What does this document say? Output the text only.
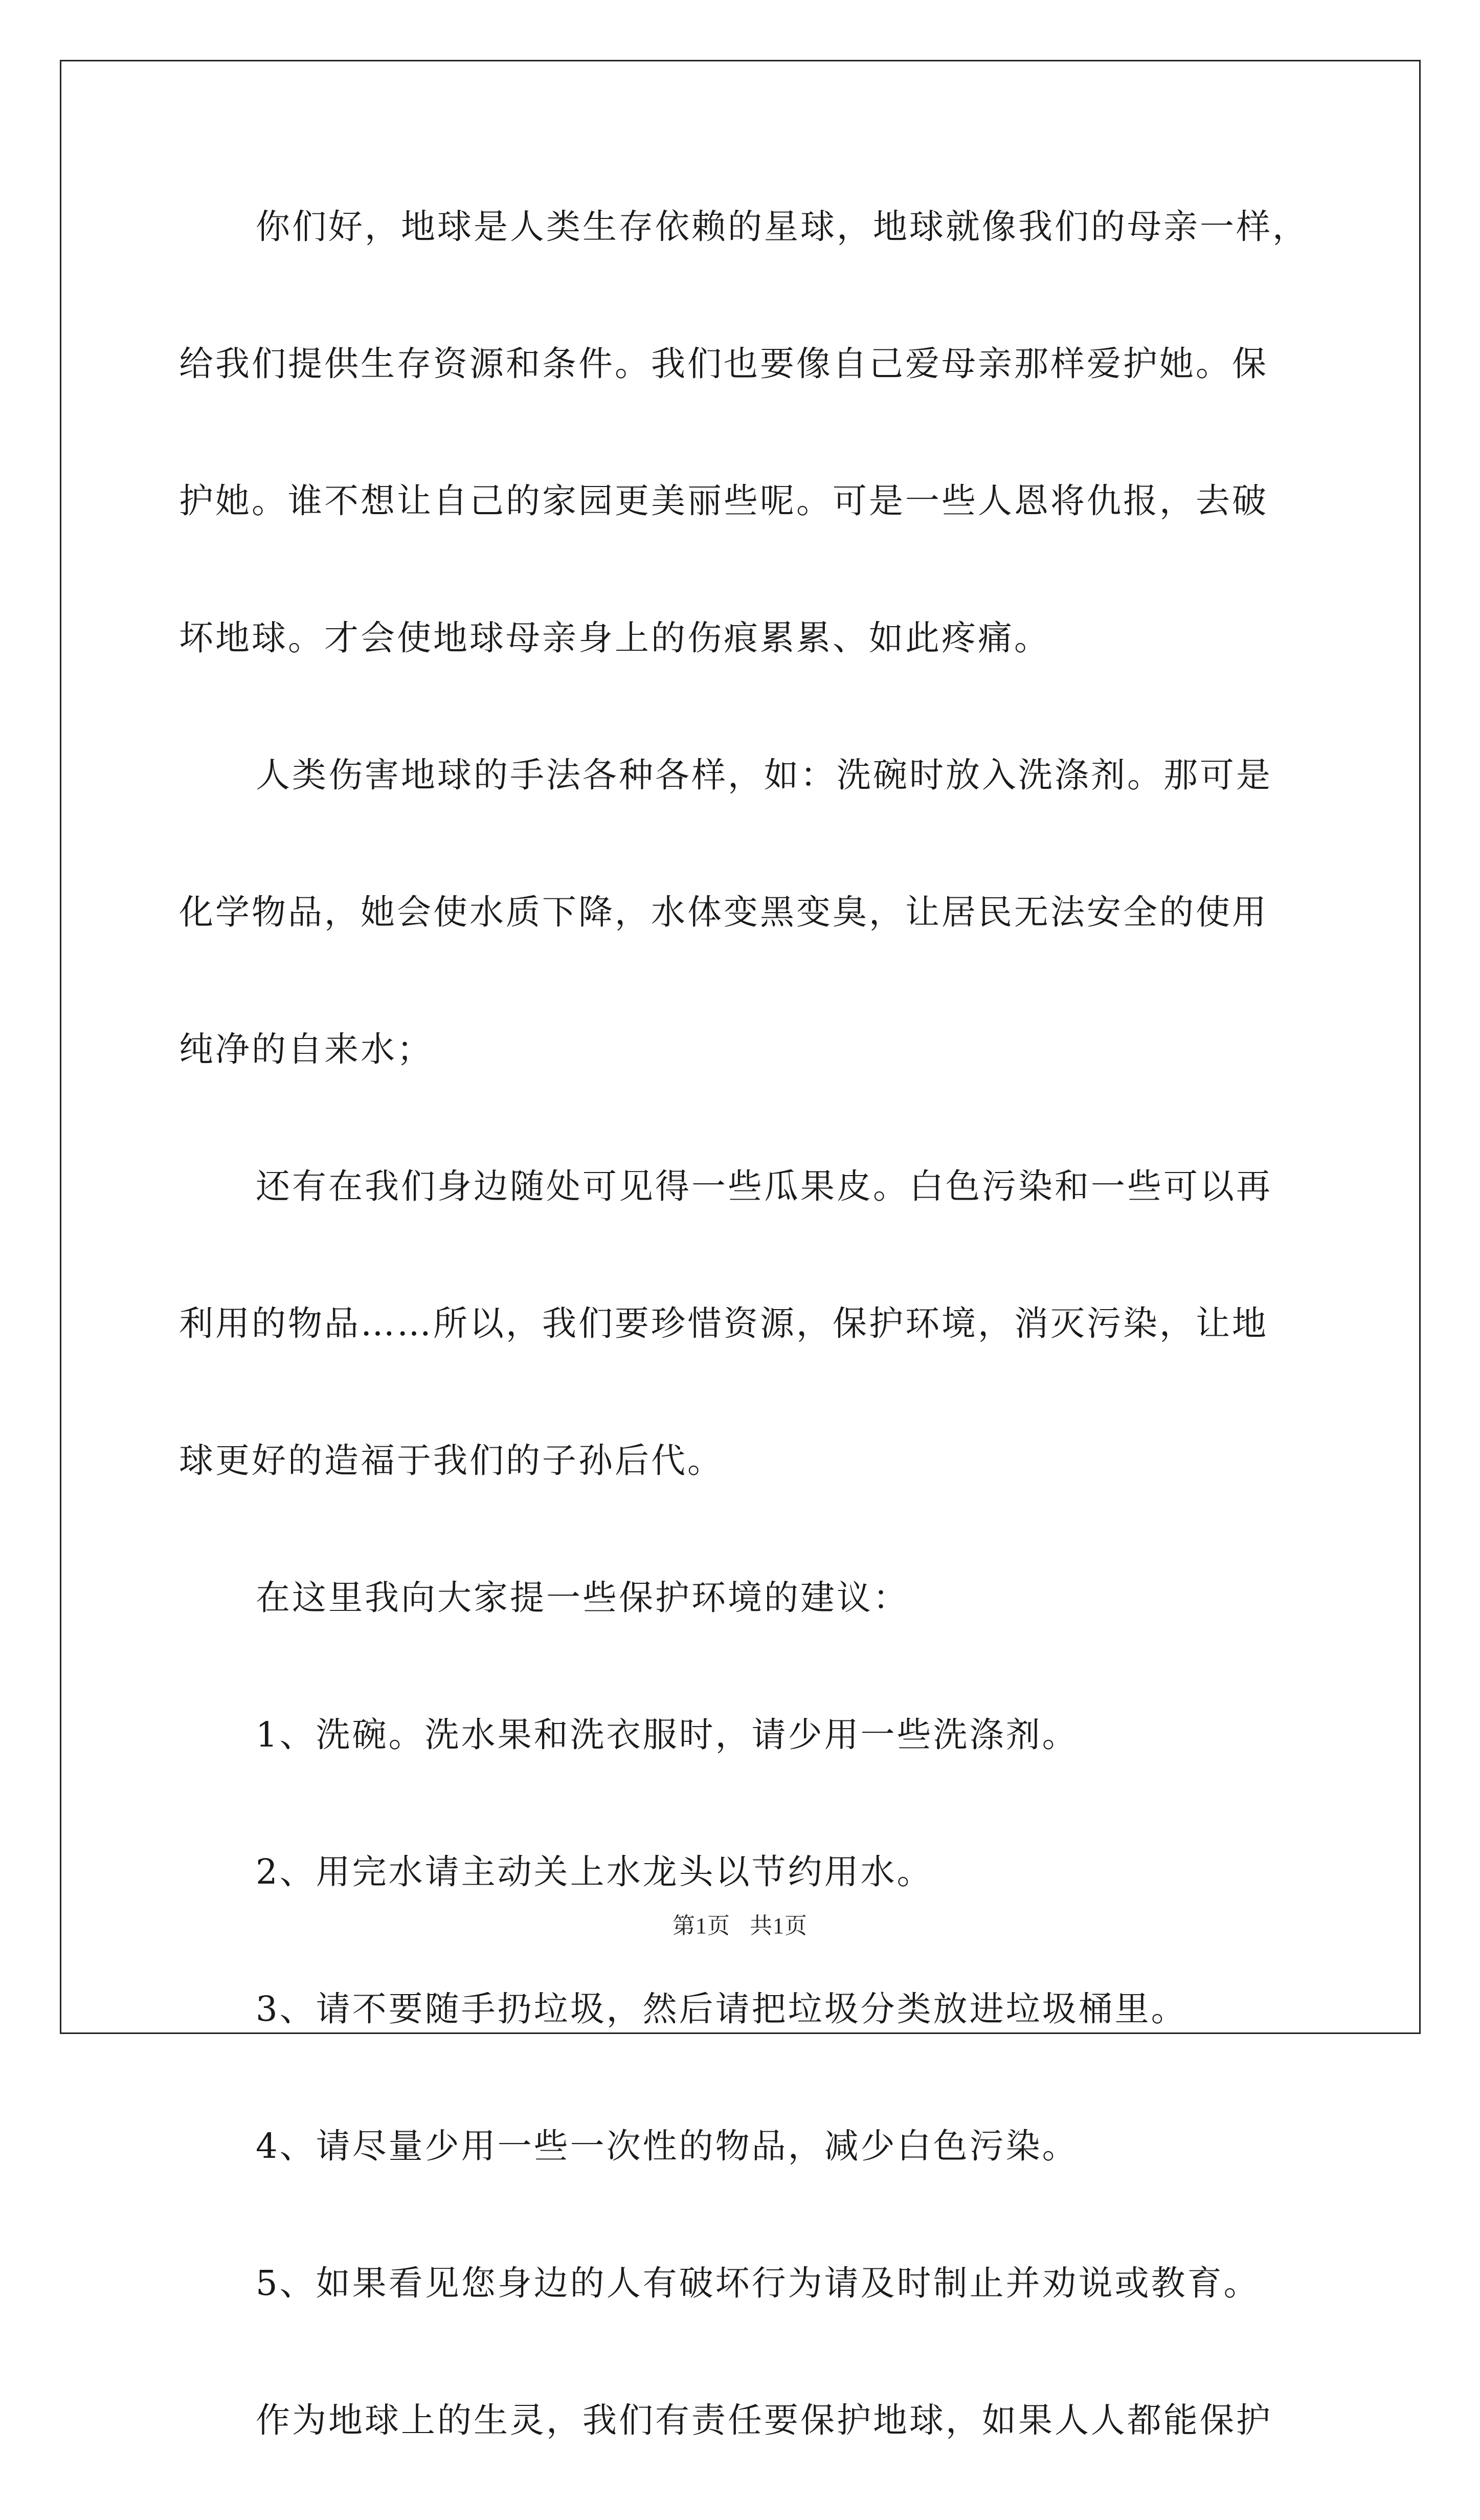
你们好，地球是人类生存依赖的星球，地球就像我们的母亲一样，
给我们提供生存资源和条件。我们也要像自己爱母亲那样爱护她。保
护她。谁不想让自己的家园更美丽些呢。可是一些人恩将仇报，去破
坏地球。才会使地球母亲身上的伤痕累累、如此疼痛。
人类伤害地球的手法各种各样，如：洗碗时放入洗涤剂。那可是
化学物品，她会使水质下降，水体变黑变臭，让居民无法安全的使用
纯净的自来水；
还有在我们身边随处可见得一些瓜果皮。白色污染和一些可以再
利用的物品……所以，我们要珍惜资源，保护环境，消灭污染，让地
球更好的造福于我们的子孙后代。
在这里我向大家提一些保护环境的建议：
1、洗碗。洗水果和洗衣服时，请少用一些洗涤剂。
2、用完水请主动关上水龙头以节约用水。
3、请不要随手扔垃圾，然后请把垃圾分类放进垃圾桶里。
4、请尽量少用一些一次性的物品，减少白色污染。
5、如果看见您身边的人有破坏行为请及时制止并劝说或教育。
作为地球上的生灵，我们有责任要保护地球，如果人人都能保护
第1页 共1页
